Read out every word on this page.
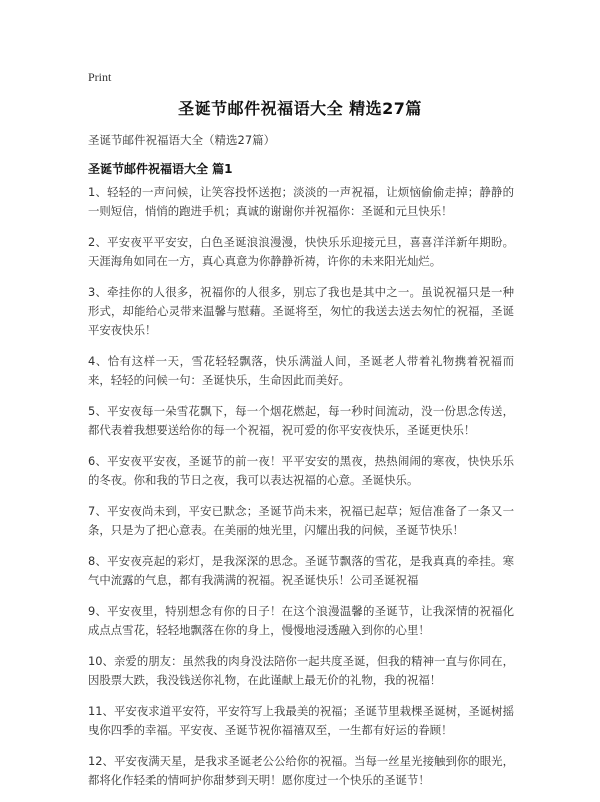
Print
圣诞节邮件祝福语大全 精选27篇
圣诞节邮件祝福语大全（精选27篇）
圣诞节邮件祝福语大全 篇1

1、轻轻的一声问候，让笑容投怀送抱；淡淡的一声祝福，让烦恼偷偷走掉；静静的一则短信，悄悄的跑进手机；真诚的谢谢你并祝福你：圣诞和元旦快乐！

2、平安夜平平安安，白色圣诞浪浪漫漫，快快乐乐迎接元旦，喜喜洋洋新年期盼。天涯海角如同在一方，真心真意为你静静祈祷，许你的未来阳光灿烂。

3、牵挂你的人很多，祝福你的人很多，别忘了我也是其中之一。虽说祝福只是一种形式，却能给心灵带来温馨与慰藉。圣诞将至，匆忙的我送去送去匆忙的祝福，圣诞平安夜快乐！

4、恰有这样一天，雪花轻轻飘落，快乐满溢人间，圣诞老人带着礼物携着祝福而来，轻轻的问候一句：圣诞快乐，生命因此而美好。

5、平安夜每一朵雪花飘下，每一个烟花燃起，每一秒时间流动，没一份思念传送，都代表着我想要送给你的每一个祝福，祝可爱的你平安夜快乐，圣诞更快乐！

6、平安夜平安夜，圣诞节的前一夜！平平安安的黑夜，热热闹闹的寒夜，快快乐乐的冬夜。你和我的节日之夜，我可以表达祝福的心意。圣诞快乐。

7、平安夜尚未到，平安已默念；圣诞节尚未来，祝福已起草；短信准备了一条又一条，只是为了把心意表。在美丽的烛光里，闪耀出我的问候，圣诞节快乐！

8、平安夜亮起的彩灯，是我深深的思念。圣诞节飘落的雪花，是我真真的牵挂。寒气中流露的气息，都有我满满的祝福。祝圣诞快乐！公司圣诞祝福

9、平安夜里，特别想念有你的日子！在这个浪漫温馨的圣诞节，让我深情的祝福化成点点雪花，轻轻地飘落在你的身上，慢慢地浸透融入到你的心里！

10、亲爱的朋友：虽然我的肉身没法陪你一起共度圣诞，但我的精神一直与你同在，因股票大跌，我没钱送你礼物，在此谨献上最无价的礼物，我的祝福！

11、平安夜求道平安符，平安符写上我最美的祝福；圣诞节里栽棵圣诞树，圣诞树摇曳你四季的幸福。平安夜、圣诞节祝你福禧双至，一生都有好运的眷顾！

12、平安夜满天星，是我求圣诞老公公给你的祝福。当每一丝星光接触到你的眼光，都将化作轻柔的情呵护你甜梦到天明！愿你度过一个快乐的圣诞节！
